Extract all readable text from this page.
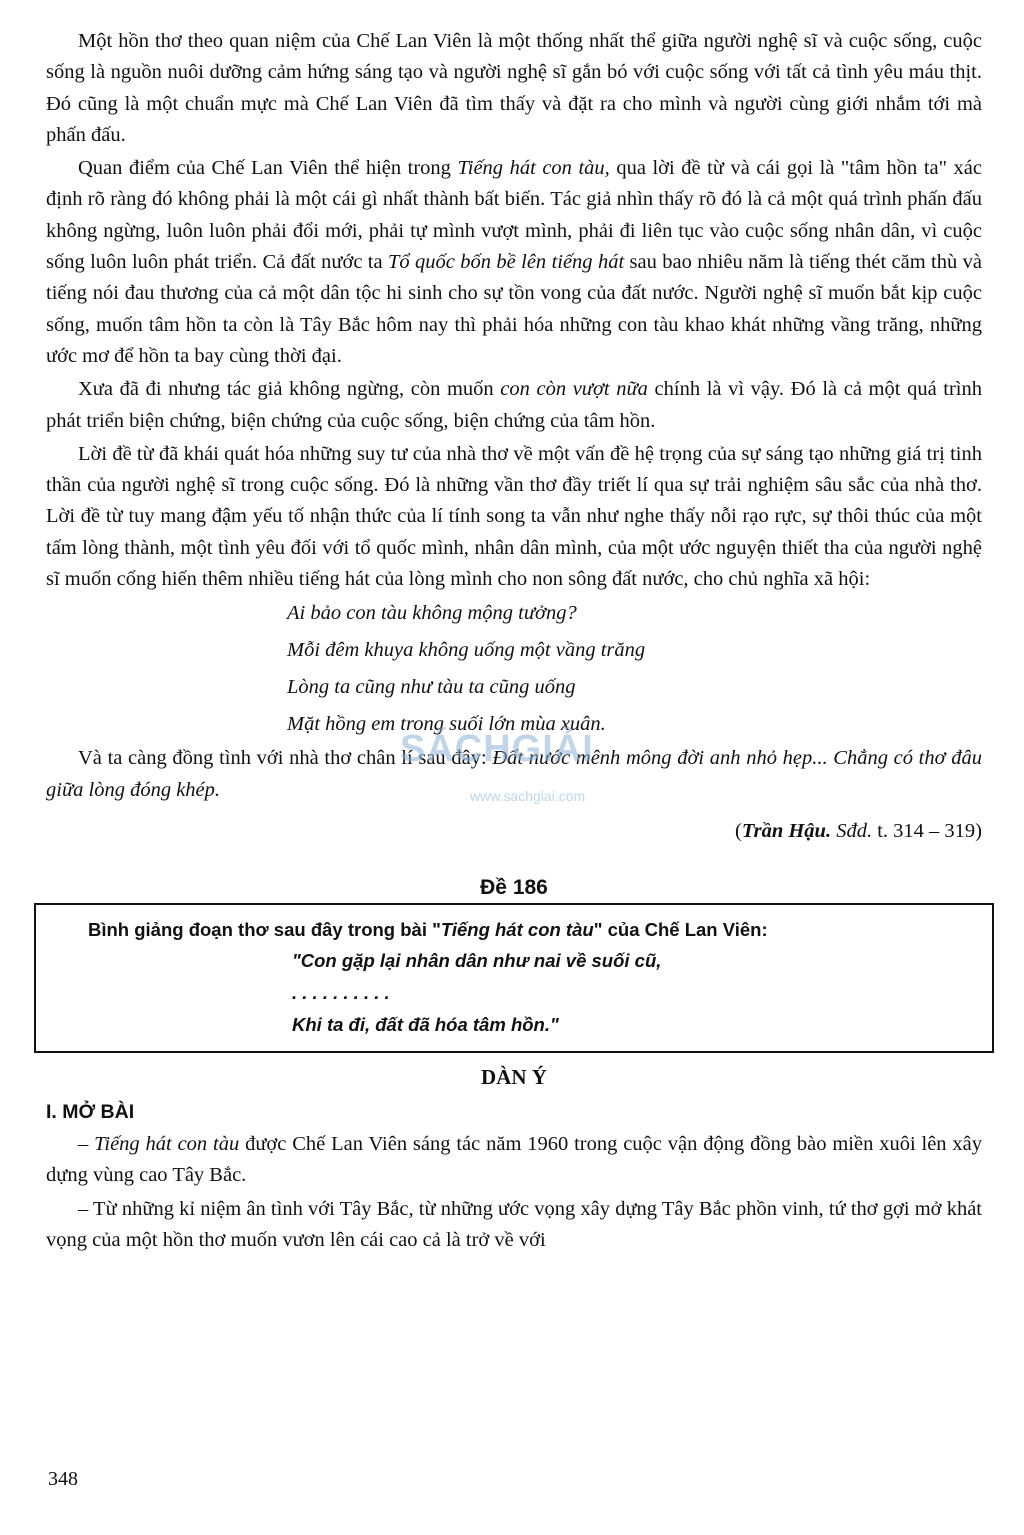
Một hồn thơ theo quan niệm của Chế Lan Viên là một thống nhất thể giữa người nghệ sĩ và cuộc sống, cuộc sống là nguồn nuôi dưỡng cảm hứng sáng tạo và người nghệ sĩ gắn bó với cuộc sống với tất cả tình yêu máu thịt. Đó cũng là một chuẩn mực mà Chế Lan Viên đã tìm thấy và đặt ra cho mình và người cùng giới nhắm tới mà phấn đấu.

Quan điểm của Chế Lan Viên thể hiện trong Tiếng hát con tàu, qua lời đề từ và cái gọi là "tâm hồn ta" xác định rõ ràng đó không phải là một cái gì nhất thành bất biến. Tác giả nhìn thấy rõ đó là cả một quá trình phấn đấu không ngừng, luôn luôn phải đổi mới, phải tự mình vượt mình, phải đi liên tục vào cuộc sống nhân dân, vì cuộc sống luôn luôn phát triển. Cả đất nước ta Tổ quốc bốn bề lên tiếng hát sau bao nhiêu năm là tiếng thét căm thù và tiếng nói đau thương của cả một dân tộc hi sinh cho sự tồn vong của đất nước. Người nghệ sĩ muốn bắt kịp cuộc sống, muốn tâm hồn ta còn là Tây Bắc hôm nay thì phải hóa những con tàu khao khát những vầng trăng, những ước mơ để hồn ta bay cùng thời đại.

Xưa đã đi nhưng tác giả không ngừng, còn muốn con còn vượt nữa chính là vì vậy. Đó là cả một quá trình phát triển biện chứng, biện chứng của cuộc sống, biện chứng của tâm hồn.

Lời đề từ đã khái quát hóa những suy tư của nhà thơ về một vấn đề hệ trọng của sự sáng tạo những giá trị tinh thần của người nghệ sĩ trong cuộc sống. Đó là những vần thơ đầy triết lí qua sự trải nghiệm sâu sắc của nhà thơ. Lời đề từ tuy mang đậm yếu tố nhận thức của lí tính song ta vẫn như nghe thấy nỗi rạo rực, sự thôi thúc của một tấm lòng thành, một tình yêu đối với tổ quốc mình, nhân dân mình, của một ước nguyện thiết tha của người nghệ sĩ muốn cống hiến thêm nhiều tiếng hát của lòng mình cho non sông đất nước, cho chủ nghĩa xã hội:

Ai bảo con tàu không mộng tưởng?
Mỗi đêm khuya không uống một vầng trăng
Lòng ta cũng như tàu ta cũng uống
Mặt hồng em trong suối lớn mùa xuân.

Và ta càng đồng tình với nhà thơ chân lí sau đây: Đất nước mênh mông đời anh nhỏ hẹp... Chẳng có thơ đâu giữa lòng đóng khép.

(Trần Hậu. Sđd. t. 314 – 319)
Đề 186
Bình giảng đoạn thơ sau đây trong bài "Tiếng hát con tàu" của Chế Lan Viên:
"Con gặp lại nhân dân như nai về suối cũ,
. . . . . . . . . .
Khi ta đi, đất đã hóa tâm hồn."
DÀN Ý
I. MỞ BÀI

– Tiếng hát con tàu được Chế Lan Viên sáng tác năm 1960 trong cuộc vận động đồng bào miền xuôi lên xây dựng vùng cao Tây Bắc.

– Từ những kỉ niệm ân tình với Tây Bắc, từ những ước vọng xây dựng Tây Bắc phồn vinh, tứ thơ gợi mở khát vọng của một hồn thơ muốn vươn lên cái cao cả là trở về với

SÁCHGIẢI
www.sachgiai.com
348
